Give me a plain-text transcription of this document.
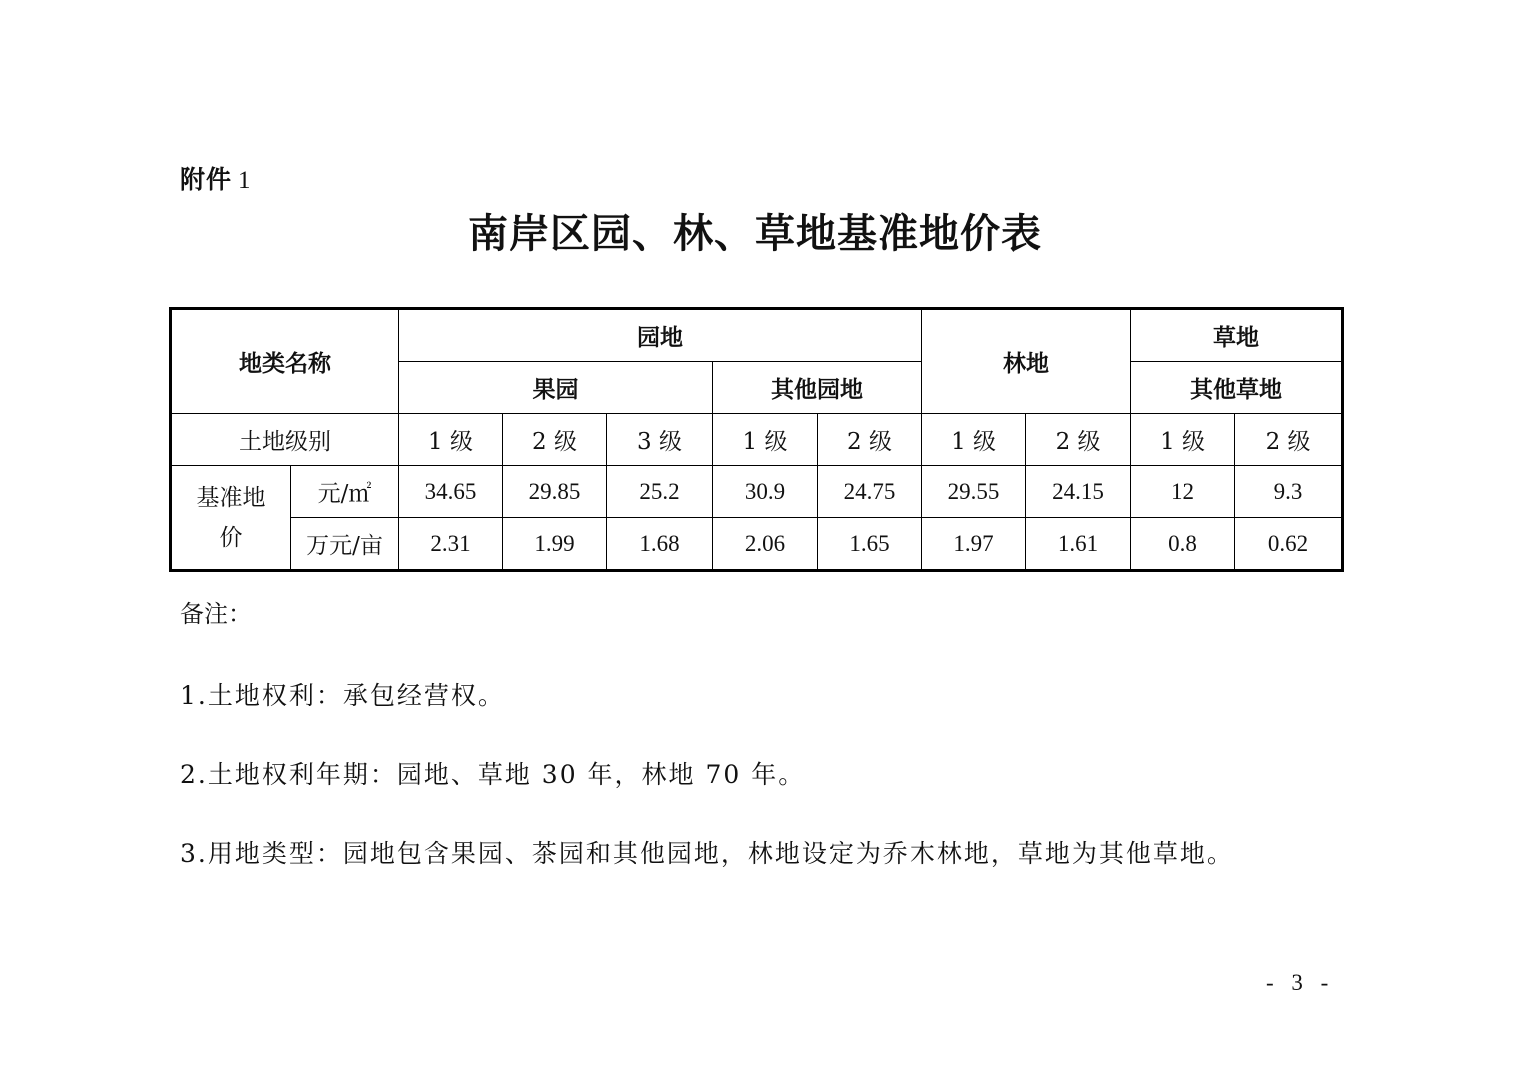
附件 1
南岸区园、林、草地基准地价表
地类名称		园地					林地		草地	
		果园			其他园地				其他草地	
土地级别		1 级	2 级	3 级	1 级	2 级	1 级	2 级	1 级	2 级
基准地价	元/㎡	34.65	29.85	25.2	30.9	24.75	29.55	24.15	12	9.3
	万元/亩	2.31	1.99	1.68	2.06	1.65	1.97	1.61	0.8	0.62
备注：
1.土地权利：承包经营权。
2.土地权利年期：园地、草地 30 年，林地 70 年。
3.用地类型：园地包含果园、茶园和其他园地，林地设定为乔木林地，草地为其他草地。
- 3 -
